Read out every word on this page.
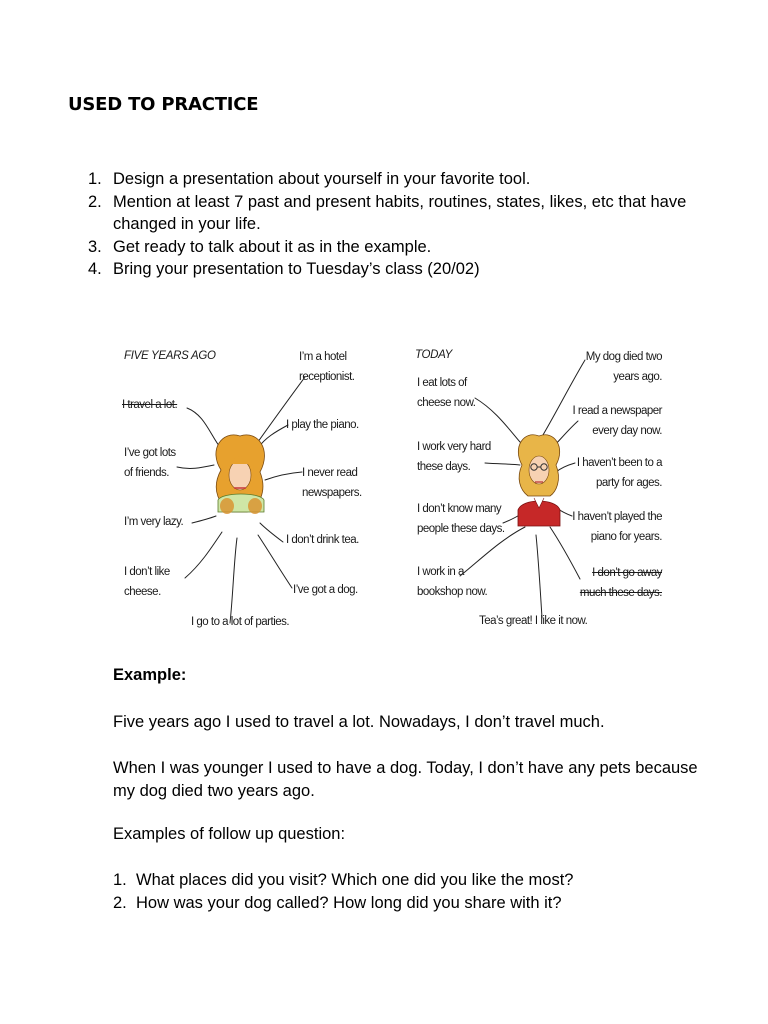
USED TO PRACTICE
1. Design a presentation about yourself in your favorite tool.
2. Mention at least 7 past and present habits, routines, states, likes, etc that have changed in your life.
3. Get ready to talk about it as in the example.
4. Bring your presentation to Tuesday’s class (20/02)
FIVE YEARS AGO
I travel a lot.
I’ve got lots
of friends.
I’m very lazy.
I don’t like
cheese.
I go to a lot of parties.
I’m a hotel
receptionist.
I play the piano.
I never read
newspapers.
I don’t drink tea.
I’ve got a dog.
TODAY
I eat lots of
cheese now.
I work very hard
these days.
I don’t know many
people these days.
I work in a
bookshop now.
Tea’s great! I like it now.
My dog died two
years ago.
I read a newspaper
every day now.
I haven’t been to a
party for ages.
I haven’t played the
piano for years.
I don’t go away
much these days.

Example:

Five years ago I used to travel a lot. Nowadays, I don’t travel much.

When I was younger I used to have a dog. Today, I don’t have any pets because my dog died two years ago.

Examples of follow up question:

1. What places did you visit? Which one did you like the most?
2. How was your dog called? How long did you share with it?
